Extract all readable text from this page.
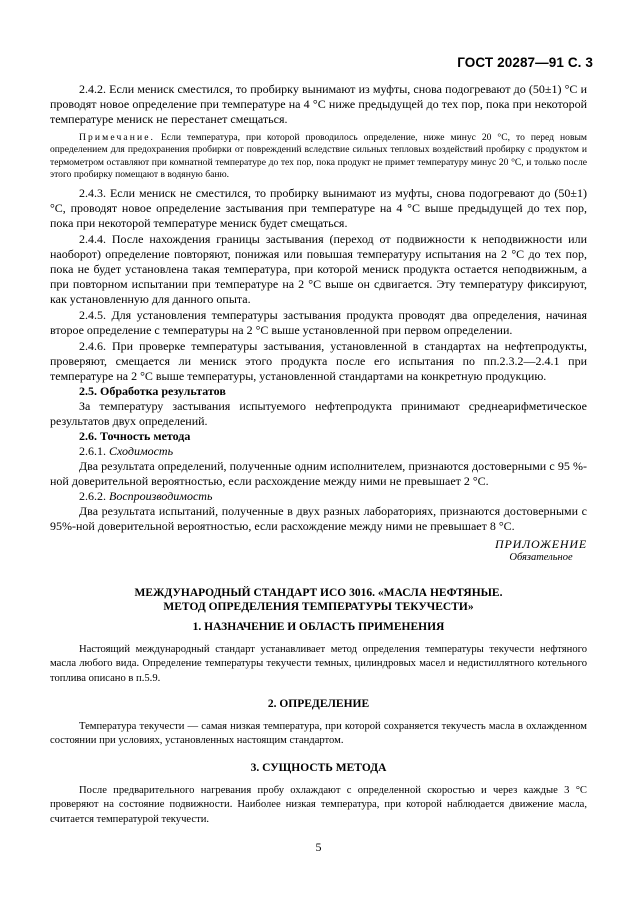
ГОСТ 20287—91 С. 3

2.4.2. Если мениск сместился, то пробирку вынимают из муфты, снова подогревают до (50±1) °С и проводят новое определение при температуре на 4 °С ниже предыдущей до тех пор, пока при некоторой температуре мениск не перестанет смещаться.

Примечание. Если температура, при которой проводилось определение, ниже минус 20 °С, то перед новым определением для предохранения пробирки от повреждений вследствие сильных тепловых воздействий пробирку с продуктом и термометром оставляют при комнатной температуре до тех пор, пока продукт не примет температуру минус 20 °С, и только после этого пробирку помещают в водяную баню.

2.4.3. Если мениск не сместился, то пробирку вынимают из муфты, снова подогревают до (50±1) °С, проводят новое определение застывания при температуре на 4 °С выше предыдущей до тех пор, пока при некоторой температуре мениск будет смещаться.

2.4.4. После нахождения границы застывания (переход от подвижности к неподвижности или наоборот) определение повторяют, понижая или повышая температуру испытания на 2 °С до тех пор, пока не будет установлена такая температура, при которой мениск продукта остается неподвижным, а при повторном испытании при температуре на 2 °С выше он сдвигается. Эту температуру фиксируют, как установленную для данного опыта.

2.4.5. Для установления температуры застывания продукта проводят два определения, начиная второе определение с температуры на 2 °С выше установленной при первом определении.

2.4.6. При проверке температуры застывания, установленной в стандартах на нефтепродукты, проверяют, смещается ли мениск этого продукта после его испытания по пп.2.3.2—2.4.1 при температуре на 2 °С выше температуры, установленной стандартами на конкретную продукцию.

2.5. Обработка результатов

За температуру застывания испытуемого нефтепродукта принимают среднеарифметическое результатов двух определений.

2.6. Точность метода

2.6.1. Сходимость

Два результата определений, полученные одним исполнителем, признаются достоверными с 95 %-ной доверительной вероятностью, если расхождение между ними не превышает 2 °С.

2.6.2. Воспроизводимость

Два результата испытаний, полученные в двух разных лабораториях, признаются достоверными с 95%-ной доверительной вероятностью, если расхождение между ними не превышает 8 °С.

ПРИЛОЖЕНИЕ
Обязательное
МЕЖДУНАРОДНЫЙ СТАНДАРТ ИСО 3016. «МАСЛА НЕФТЯНЫЕ.
МЕТОД ОПРЕДЕЛЕНИЯ ТЕМПЕРАТУРЫ ТЕКУЧЕСТИ»
1. НАЗНАЧЕНИЕ И ОБЛАСТЬ ПРИМЕНЕНИЯ

Настоящий международный стандарт устанавливает метод определения температуры текучести нефтяного масла любого вида. Определение температуры текучести темных, цилиндровых масел и недистиллятного котельного топлива описано в п.5.9.

2. ОПРЕДЕЛЕНИЕ

Температура текучести — самая низкая температура, при которой сохраняется текучесть масла в охлажденном состоянии при условиях, установленных настоящим стандартом.

3. СУЩНОСТЬ МЕТОДА

После предварительного нагревания пробу охлаждают с определенной скоростью и через каждые 3 °С проверяют на состояние подвижности. Наиболее низкая температура, при которой наблюдается движение масла, считается температурой текучести.

5
